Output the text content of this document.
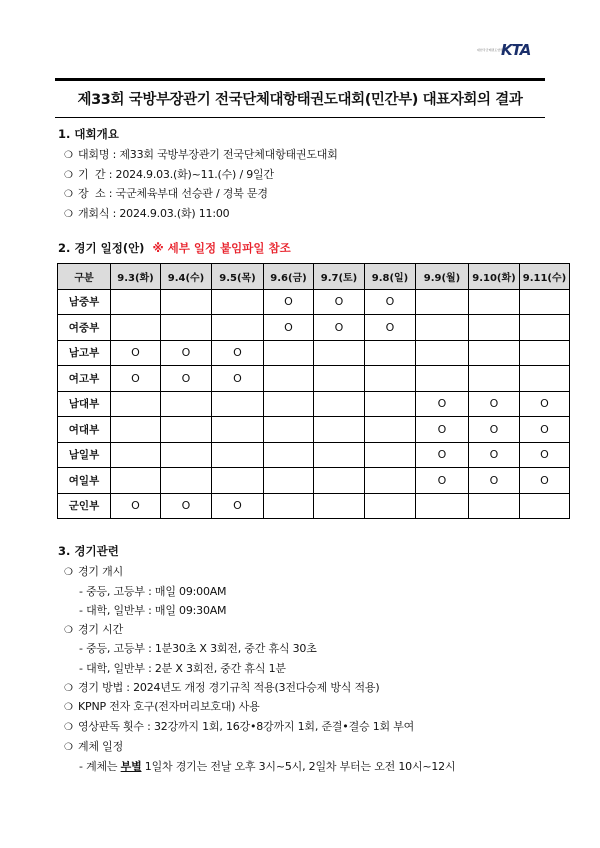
대한국군태권도연맹
KTA
제33회 국방부장관기 전국단체대항태권도대회(민간부) 대표자회의 결과
1. 대회개요
❍ 대회명 : 제33회 국방부장관기 전국단체대항태권도대회
❍ 기  간 : 2024.9.03.(화)~11.(수) / 9일간
❍ 장  소 : 국군체육부대 선승관 / 경북 문경
❍ 개회식 : 2024.9.03.(화) 11:00
2. 경기 일정(안) ※ 세부 일정 붙임파일 참조
구분	9.3(화)	9.4(수)	9.5(목)	9.6(금)	9.7(토)	9.8(일)	9.9(월)	9.10(화)	9.11(수)
남중부				O	O	O			
여중부				O	O	O			
남고부	O	O	O						
여고부	O	O	O						
남대부							O	O	O
여대부							O	O	O
남일부							O	O	O
여일부							O	O	O
군인부	O	O	O						
3. 경기관련
❍ 경기 개시
- 중등, 고등부 : 매일 09:00AM
- 대학, 일반부 : 매일 09:30AM
❍ 경기 시간
- 중등, 고등부 : 1분30초 X 3회전, 중간 휴식 30초
- 대학, 일반부 : 2분 X 3회전, 중간 휴식 1분
❍ 경기 방법 : 2024년도 개정 경기규칙 적용(3전다승제 방식 적용)
❍ KPNP 전자 호구(전자머리보호대) 사용
❍ 영상판독 횟수 : 32강까지 1회, 16강•8강까지 1회, 준결•결승 1회 부여
❍ 계체 일정
- 계체는 부별 1일차 경기는 전날 오후 3시~5시, 2일차 부터는 오전 10시~12시
